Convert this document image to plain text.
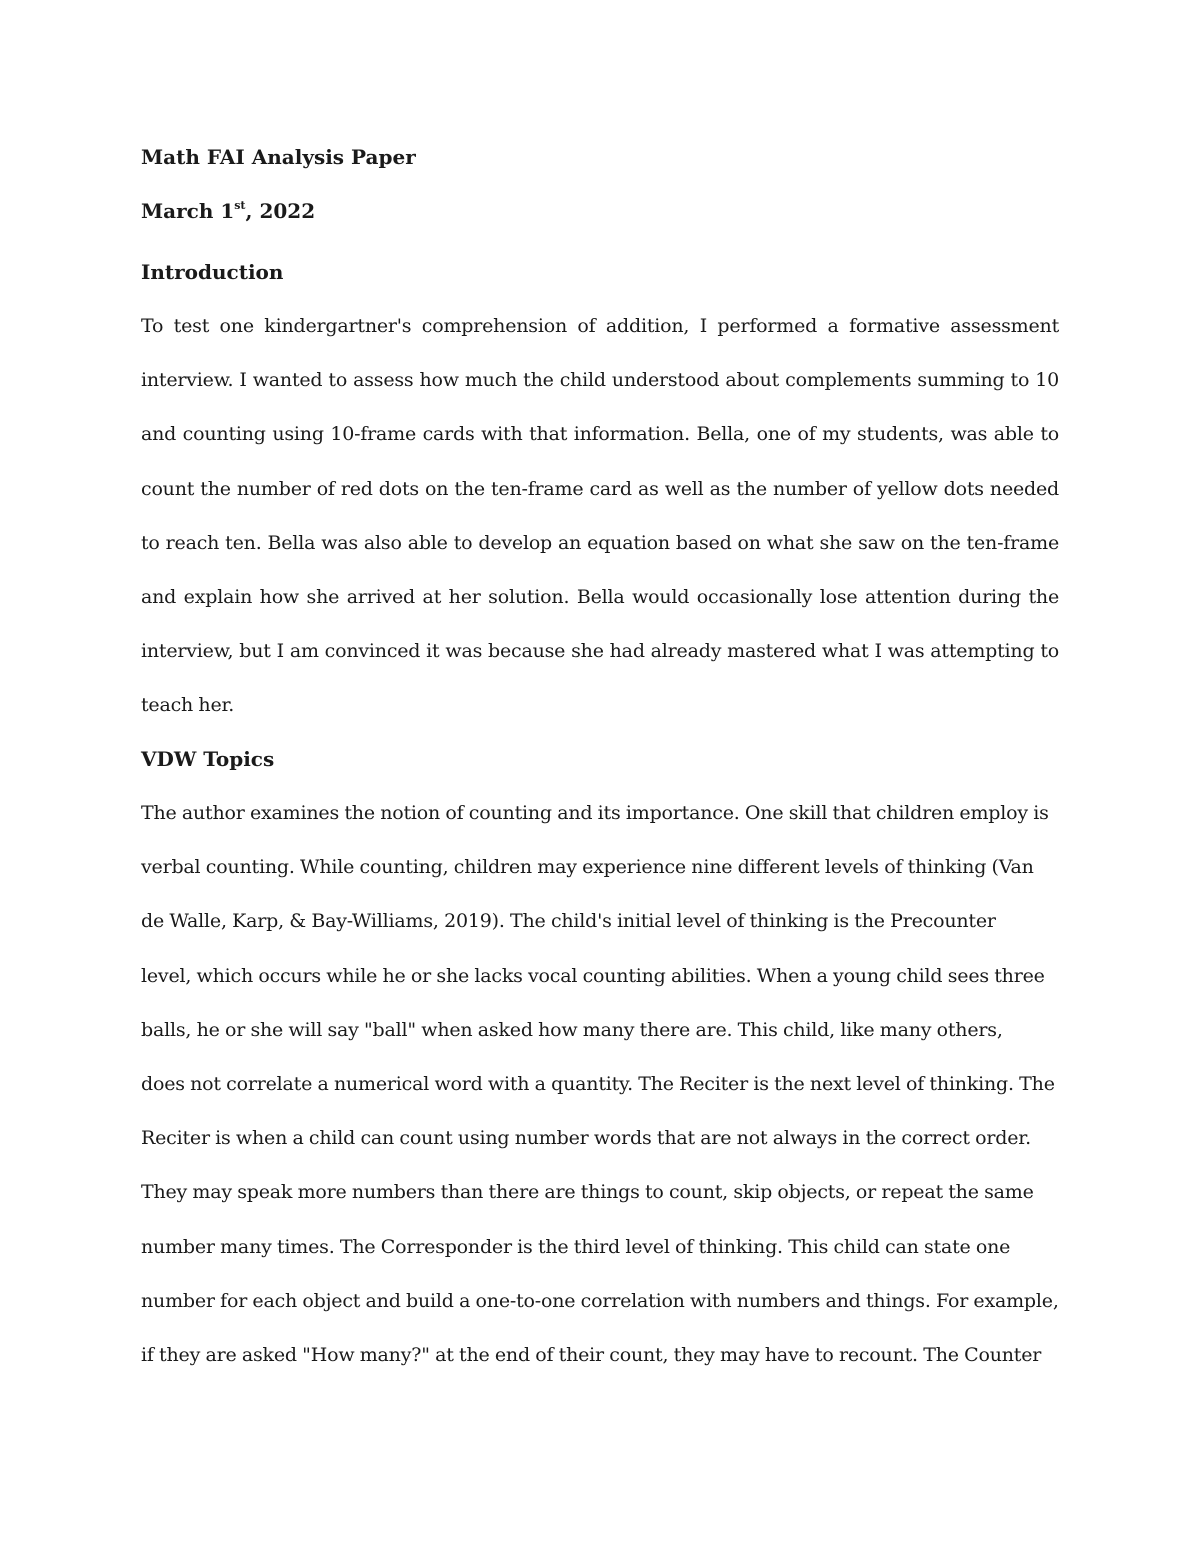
Math FAI Analysis Paper
March 1st, 2022
Introduction

To test one kindergartner's comprehension of addition, I performed a formative assessment
interview. I wanted to assess how much the child understood about complements summing to 10
and counting using 10-frame cards with that information. Bella, one of my students, was able to
count the number of red dots on the ten-frame card as well as the number of yellow dots needed
to reach ten. Bella was also able to develop an equation based on what she saw on the ten-frame
and explain how she arrived at her solution. Bella would occasionally lose attention during the
interview, but I am convinced it was because she had already mastered what I was attempting to
teach her.

VDW Topics

The author examines the notion of counting and its importance. One skill that children employ is
verbal counting. While counting, children may experience nine different levels of thinking (Van
de Walle, Karp, & Bay-Williams, 2019). The child's initial level of thinking is the Precounter
level, which occurs while he or she lacks vocal counting abilities. When a young child sees three
balls, he or she will say "ball" when asked how many there are. This child, like many others,
does not correlate a numerical word with a quantity. The Reciter is the next level of thinking. The
Reciter is when a child can count using number words that are not always in the correct order.
They may speak more numbers than there are things to count, skip objects, or repeat the same
number many times. The Corresponder is the third level of thinking. This child can state one
number for each object and build a one-to-one correlation with numbers and things. For example,
if they are asked "How many?" at the end of their count, they may have to recount. The Counter
